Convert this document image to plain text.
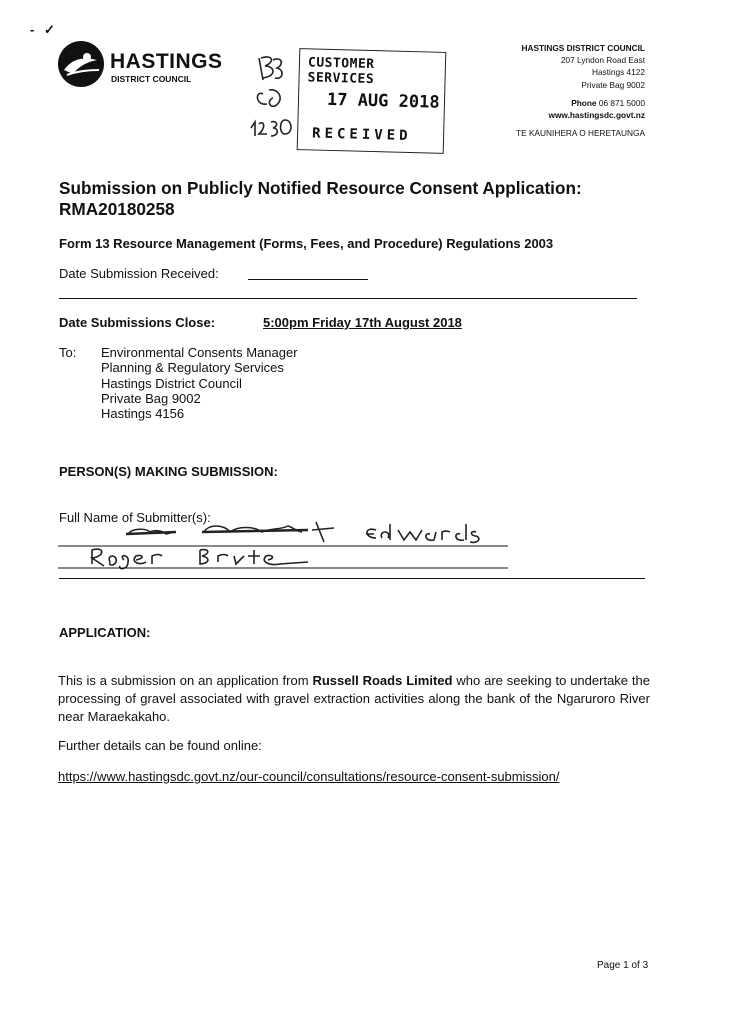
- ✓
HASTINGS
DISTRICT COUNCIL
HASTINGS DISTRICT COUNCIL
207 Lyndon Road East
Hastings 4122
Private Bag 9002
Phone 06 871 5000
www.hastingsdc.govt.nz
TE KAUNIHERA O HERETAUNGA
CUSTOMER SERVICES
17 AUG 2018
RECEIVED
Submission on Publicly Notified Resource Consent Application:
RMA20180258
Form 13 Resource Management (Forms, Fees, and Procedure) Regulations 2003
Date Submission Received:
Date Submissions Close:	5:00pm Friday 17th August 2018
To: Environmental Consents Manager
Planning & Regulatory Services
Hastings District Council
Private Bag 9002
Hastings 4156
PERSON(S) MAKING SUBMISSION:
Full Name of Submitter(s):
APPLICATION:
This is a submission on an application from Russell Roads Limited who are seeking to undertake the processing of gravel associated with gravel extraction activities along the bank of the Ngaruroro River near Maraekakaho.
Further details can be found online:
https://www.hastingsdc.govt.nz/our-council/consultations/resource-consent-submission/
Page 1 of 3
